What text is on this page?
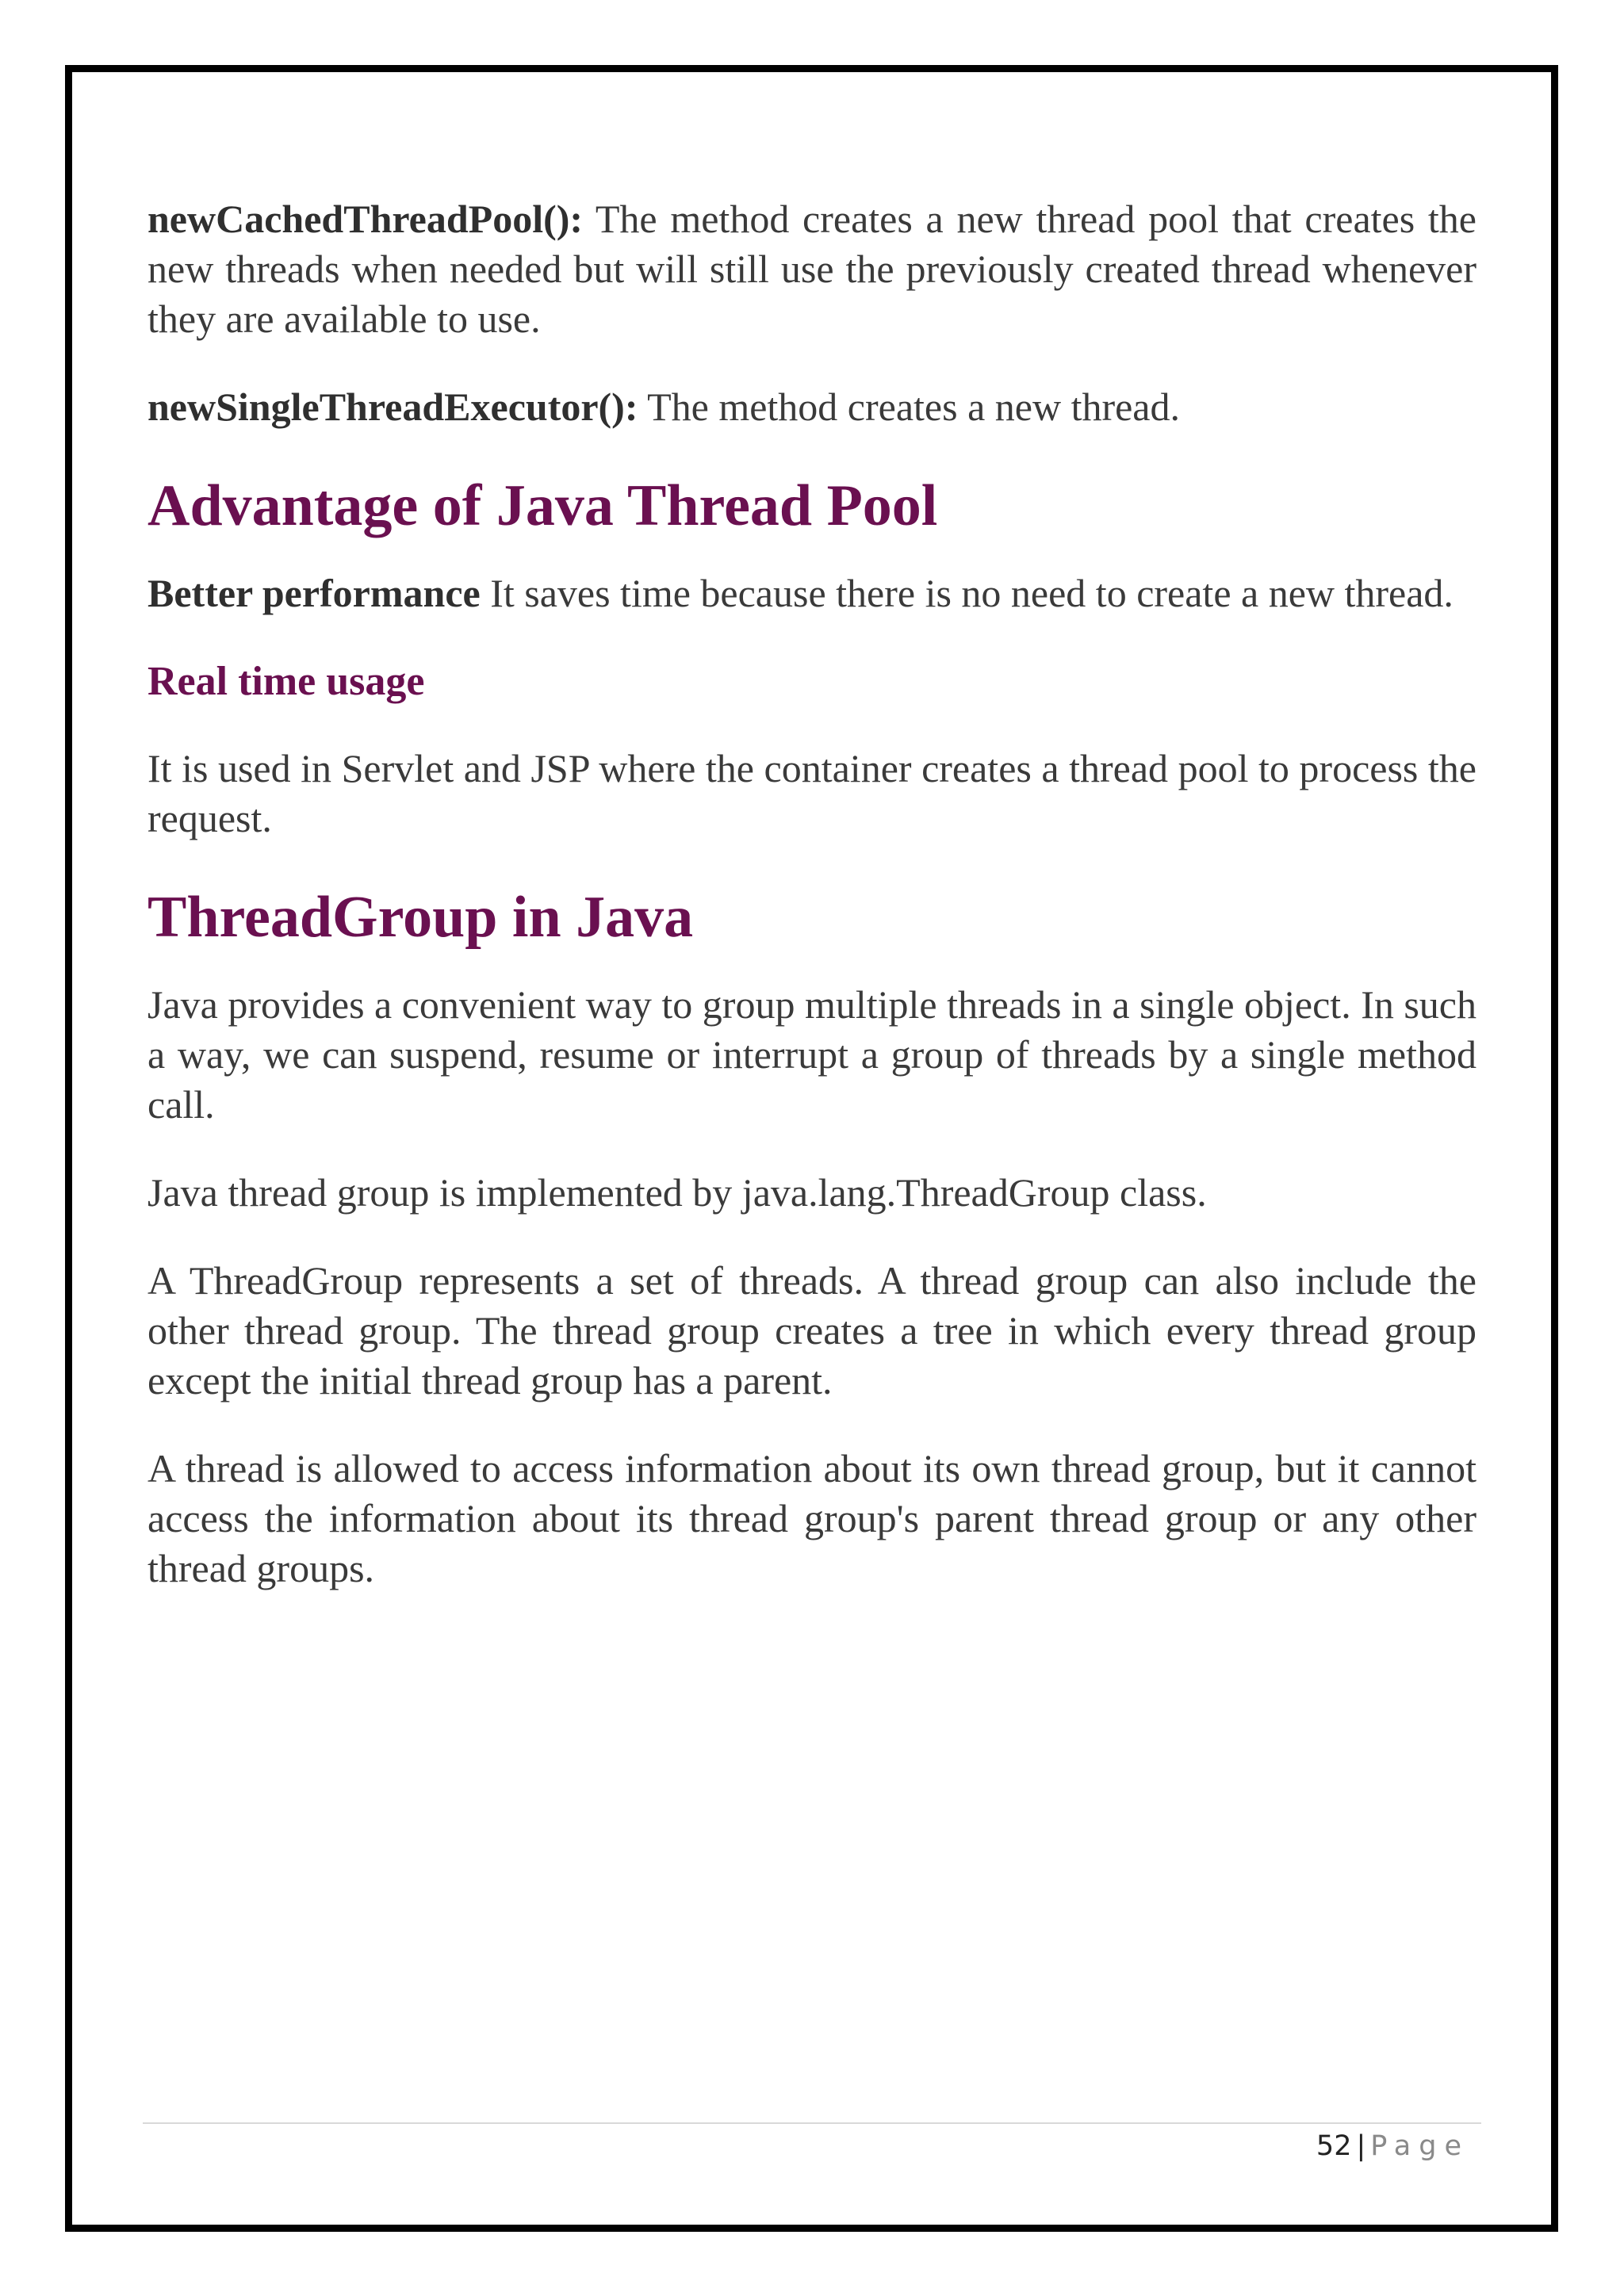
newCachedThreadPool(): The method creates a new thread pool that creates the new threads when needed but will still use the previously created thread whenever they are available to use.

newSingleThreadExecutor(): The method creates a new thread.

Advantage of Java Thread Pool

Better performance It saves time because there is no need to create a new thread.

Real time usage

It is used in Servlet and JSP where the container creates a thread pool to process the request.

ThreadGroup in Java

Java provides a convenient way to group multiple threads in a single object. In such a way, we can suspend, resume or interrupt a group of threads by a single method call.

Java thread group is implemented by java.lang.ThreadGroup class.

A ThreadGroup represents a set of threads. A thread group can also include the other thread group. The thread group creates a tree in which every thread group except the initial thread group has a parent.

A thread is allowed to access information about its own thread group, but it cannot access the information about its thread group's parent thread group or any other thread groups.

52 | Page
